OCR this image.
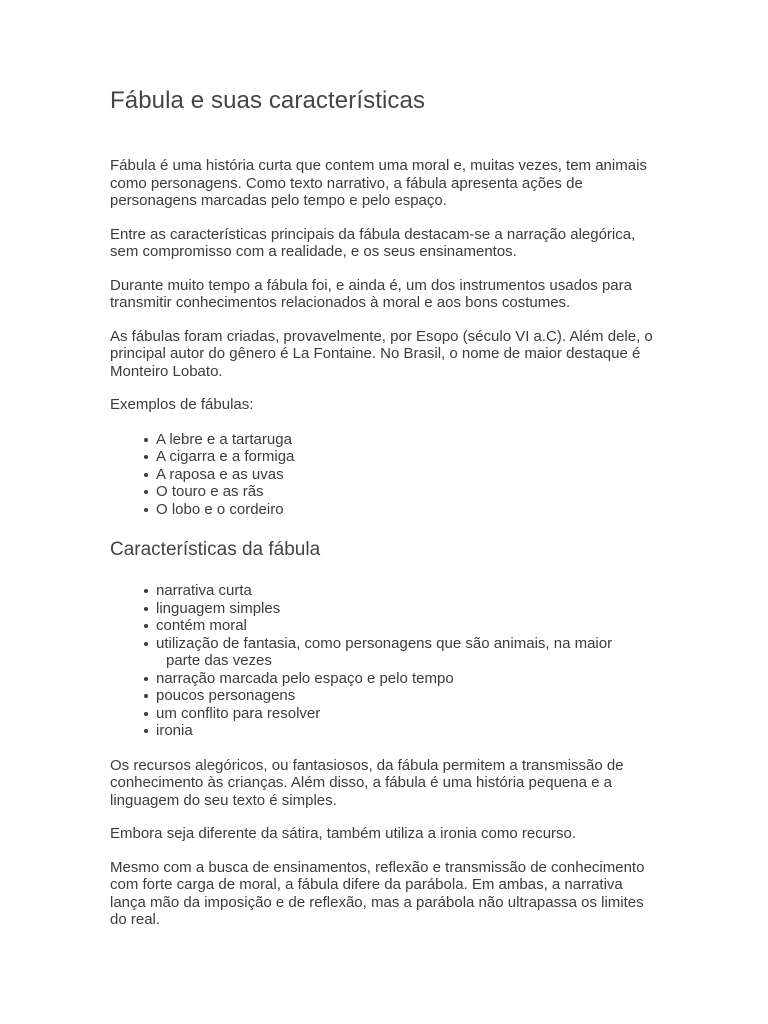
Fábula e suas características

Fábula é uma história curta que contem uma moral e, muitas vezes, tem animais como personagens. Como texto narrativo, a fábula apresenta ações de personagens marcadas pelo tempo e pelo espaço.

Entre as características principais da fábula destacam-se a narração alegórica, sem compromisso com a realidade, e os seus ensinamentos.

Durante muito tempo a fábula foi, e ainda é, um dos instrumentos usados para transmitir conhecimentos relacionados à moral e aos bons costumes.

As fábulas foram criadas, provavelmente, por Esopo (século VI a.C). Além dele, o principal autor do gênero é La Fontaine. No Brasil, o nome de maior destaque é Monteiro Lobato.

Exemplos de fábulas:

A lebre e a tartaruga
A cigarra e a formiga
A raposa e as uvas
O touro e as rãs
O lobo e o cordeiro
Características da fábula
narrativa curta
linguagem simples
contém moral
utilização de fantasia, como personagens que são animais, na maior
parte das vezes
narração marcada pelo espaço e pelo tempo
poucos personagens
um conflito para resolver
ironia

Os recursos alegóricos, ou fantasiosos, da fábula permitem a transmissão de conhecimento às crianças. Além disso, a fábula é uma história pequena e a linguagem do seu texto é simples.

Embora seja diferente da sátira, também utiliza a ironia como recurso.

Mesmo com a busca de ensinamentos, reflexão e transmissão de conhecimento com forte carga de moral, a fábula difere da parábola. Em ambas, a narrativa lança mão da imposição e de reflexão, mas a parábola não ultrapassa os limites do real.
